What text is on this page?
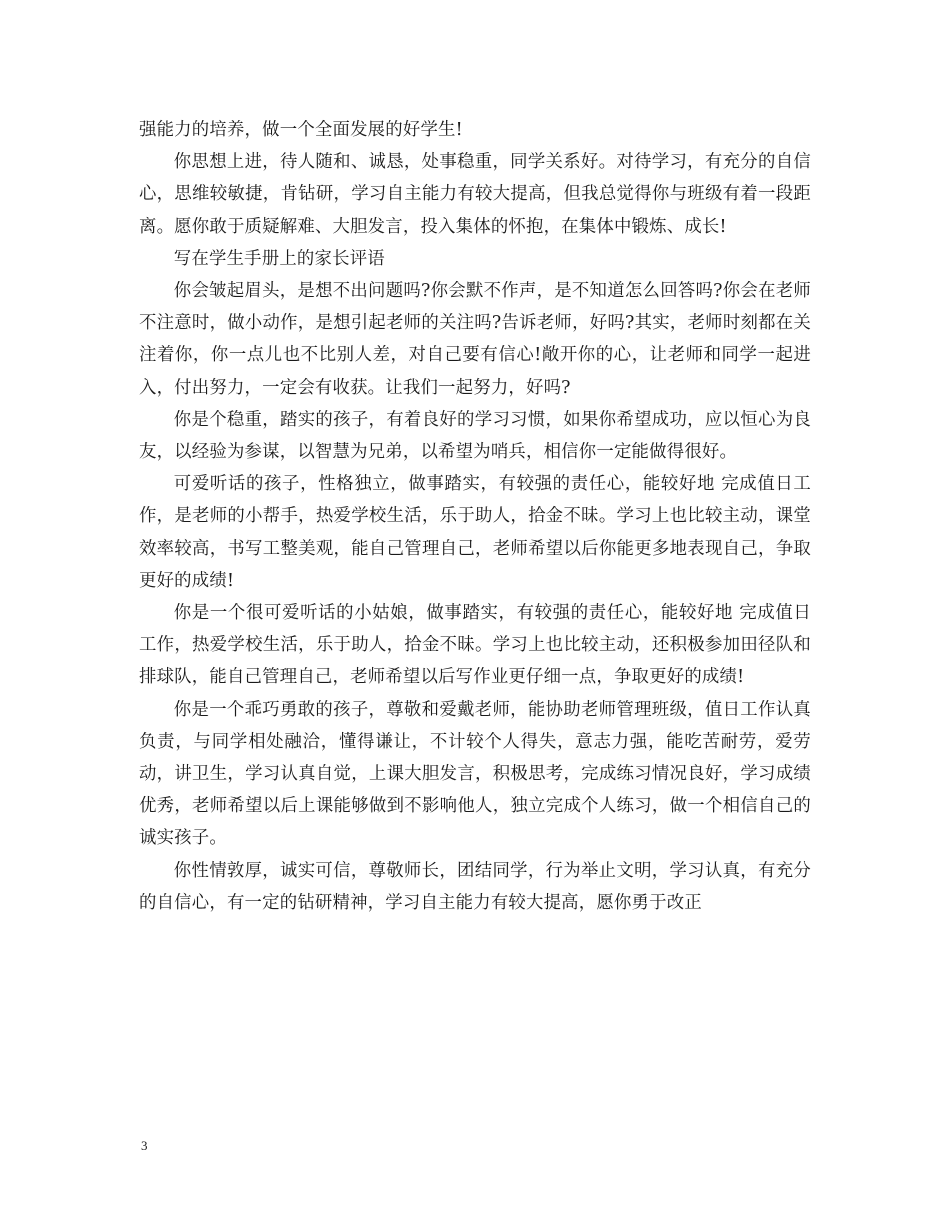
强能力的培养，做一个全面发展的好学生!

你思想上进，待人随和、诚恳，处事稳重，同学关系好。对待学习，有充分的自信心，思维较敏捷，肯钻研，学习自主能力有较大提高，但我总觉得你与班级有着一段距离。愿你敢于质疑解难、大胆发言，投入集体的怀抱，在集体中锻炼、成长!

写在学生手册上的家长评语

你会皱起眉头，是想不出问题吗?你会默不作声，是不知道怎么回答吗?你会在老师不注意时，做小动作，是想引起老师的关注吗?告诉老师，好吗?其实，老师时刻都在关注着你，你一点儿也不比别人差，对自己要有信心!敞开你的心，让老师和同学一起进入，付出努力，一定会有收获。让我们一起努力，好吗?

你是个稳重，踏实的孩子，有着良好的学习习惯，如果你希望成功，应以恒心为良友，以经验为参谋，以智慧为兄弟，以希望为哨兵，相信你一定能做得很好。

可爱听话的孩子，性格独立，做事踏实，有较强的责任心，能较好地 完成值日工作，是老师的小帮手，热爱学校生活，乐于助人，拾金不昧。学习上也比较主动，课堂效率较高，书写工整美观，能自己管理自己，老师希望以后你能更多地表现自己，争取更好的成绩!

你是一个很可爱听话的小姑娘，做事踏实，有较强的责任心，能较好地 完成值日工作，热爱学校生活，乐于助人，拾金不昧。学习上也比较主动，还积极参加田径队和排球队，能自己管理自己，老师希望以后写作业更仔细一点，争取更好的成绩!

你是一个乖巧勇敢的孩子，尊敬和爱戴老师，能协助老师管理班级，值日工作认真负责，与同学相处融洽，懂得谦让，不计较个人得失，意志力强，能吃苦耐劳，爱劳动，讲卫生，学习认真自觉，上课大胆发言，积极思考，完成练习情况良好，学习成绩优秀，老师希望以后上课能够做到不影响他人，独立完成个人练习，做一个相信自己的诚实孩子。

你性情敦厚，诚实可信，尊敬师长，团结同学，行为举止文明，学习认真，有充分的自信心，有一定的钻研精神，学习自主能力有较大提高，愿你勇于改正

3
